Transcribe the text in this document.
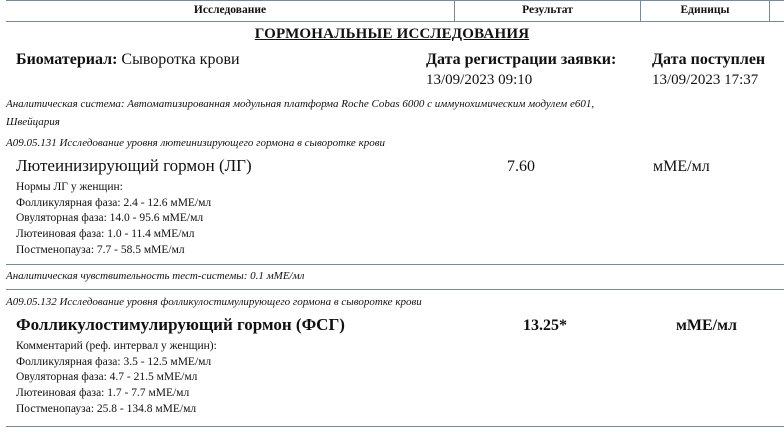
Исследование	Результат	Единицы
ГОРМОНАЛЬНЫЕ ИССЛЕДОВАНИЯ
Биоматериал: Сыворотка крови	Дата регистрации заявки:
13/09/2023 09:10
Дата поступлен
13/09/2023 17:37
Аналитическая система: Автоматизированная модульная платформа Roche Cobas 6000 с иммунохимическим модулем e601,
Швейцария
A09.05.131 Исследование уровня лютеинизирующего гормона в сыворотке крови
Лютеинизирующий гормон (ЛГ)	7.60	мМЕ/мл
Нормы ЛГ у женщин:
Фолликулярная фаза: 2.4 - 12.6 мМЕ/мл
Овуляторная фаза: 14.0 - 95.6 мМЕ/мл
Лютеиновая фаза: 1.0 - 11.4 мМЕ/мл
Постменопауза: 7.7 - 58.5 мМЕ/мл
Аналитическая чувствительность тест-системы: 0.1 мМЕ/мл
A09.05.132 Исследование уровня фолликулостимулирующего гормона в сыворотке крови
Фолликулостимулирующий гормон (ФСГ)	13.25*	мМЕ/мл
Комментарий (реф. интервал у женщин):
Фолликулярная фаза: 3.5 - 12.5 мМЕ/мл
Овуляторная фаза: 4.7 - 21.5 мМЕ/мл
Лютеиновая фаза: 1.7 - 7.7 мМЕ/мл
Постменопауза: 25.8 - 134.8 мМЕ/мл
